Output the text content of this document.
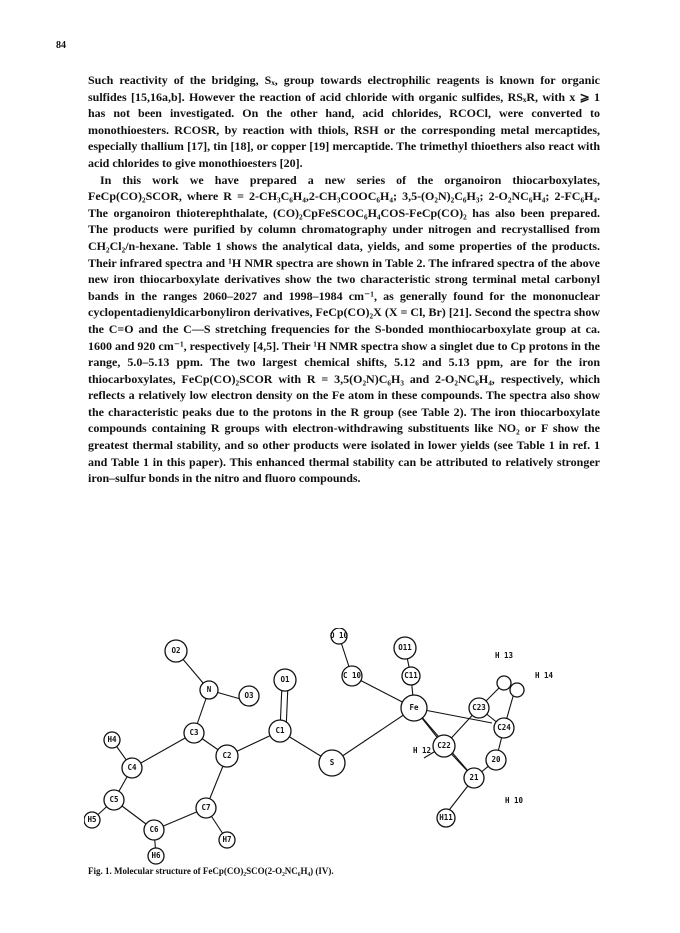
84

Such reactivity of the bridging, Sₓ, group towards electrophilic reagents is known for organic sulfides [15,16a,b]. However the reaction of acid chloride with organic sulfides, RSₓR, with x ⩾ 1 has not been investigated. On the other hand, acid chlorides, RCOCl, were converted to monothioesters. RCOSR, by reaction with thiols, RSH or the corresponding metal mercaptides, especially thallium [17], tin [18], or copper [19] mercaptide. The trimethyl thioethers also react with acid chlorides to give monothioesters [20].

In this work we have prepared a new series of the organoiron thiocarboxylates, FeCp(CO)₂SCOR, where R = 2-CH₃C₆H₄,2-CH₃COOC₆H₄; 3,5-(O₂N)₂C₆H₃; 2-O₂NC₆H₄; 2-FC₆H₄. The organoiron thioterephthalate, (CO)₂CpFeSCOC₆H₄COS-FeCp(CO)₂ has also been prepared. The products were purified by column chromatography under nitrogen and recrystallised from CH₂Cl₂/n-hexane. Table 1 shows the analytical data, yields, and some properties of the products. Their infrared spectra and ¹H NMR spectra are shown in Table 2. The infrared spectra of the above new iron thiocarboxylate derivatives show the two characteristic strong terminal metal carbonyl bands in the ranges 2060–2027 and 1998–1984 cm⁻¹, as generally found for the mononuclear cyclopentadienyldicarbonyliron derivatives, FeCp(CO)₂X (X = Cl, Br) [21]. Second the spectra show the C=O and the C—S stretching frequencies for the S-bonded monthiocarboxylate group at ca. 1600 and 920 cm⁻¹, respectively [4,5]. Their ¹H NMR spectra show a singlet due to Cp protons in the range, 5.0–5.13 ppm. The two largest chemical shifts, 5.12 and 5.13 ppm, are for the iron thiocarboxylates, FeCp(CO)₂SCOR with R = 3,5(O₂N)C₆H₃ and 2-O₂NC₆H₄, respectively, which reflects a relatively low electron density on the Fe atom in these compounds. The spectra also show the characteristic peaks due to the protons in the R group (see Table 2). The iron thiocarboxylate compounds containing R groups with electron-withdrawing substituents like NO₂ or F show the greatest thermal stability, and so other products were isolated in lower yields (see Table 1 in ref. 1 and Table 1 in this paper). This enhanced thermal stability can be attributed to relatively stronger iron–sulfur bonds in the nitro and fluoro compounds.

O2
N
O3
O1
C1
C3
C2
C4
H4
C5
H5
C6
H6
C7
H7
S
O 10
C 10
O11
C11
Fe
C22
C23
C24
20
21
H11
H 12
H 13
H 14
H 10
Fig. 1. Molecular structure of FeCp(CO)₂SCO(2-O₂NC₆H₄) (IV).
